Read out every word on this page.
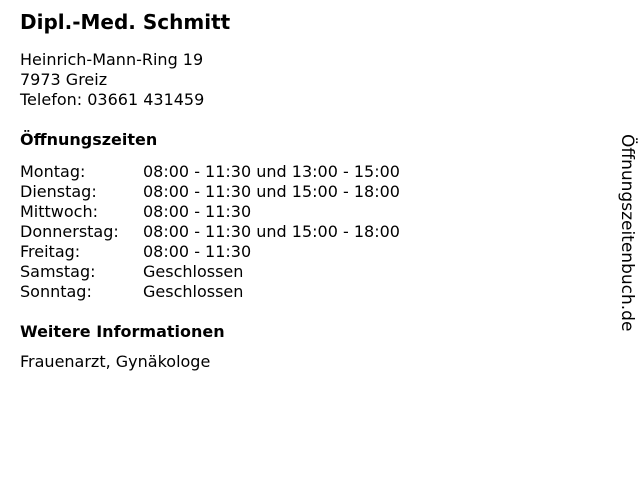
Dipl.-Med. Schmitt
Heinrich-Mann-Ring 19
7973 Greiz
Telefon: 03661 431459
Öffnungszeiten
Montag:	08:00 - 11:30 und 13:00 - 15:00
Dienstag:	08:00 - 11:30 und 15:00 - 18:00
Mittwoch:	08:00 - 11:30
Donnerstag:	08:00 - 11:30 und 15:00 - 18:00
Freitag:	08:00 - 11:30
Samstag:	Geschlossen
Sonntag:	Geschlossen
Weitere Informationen
Frauenarzt, Gynäkologe
Öffnungszeitenbuch.de
